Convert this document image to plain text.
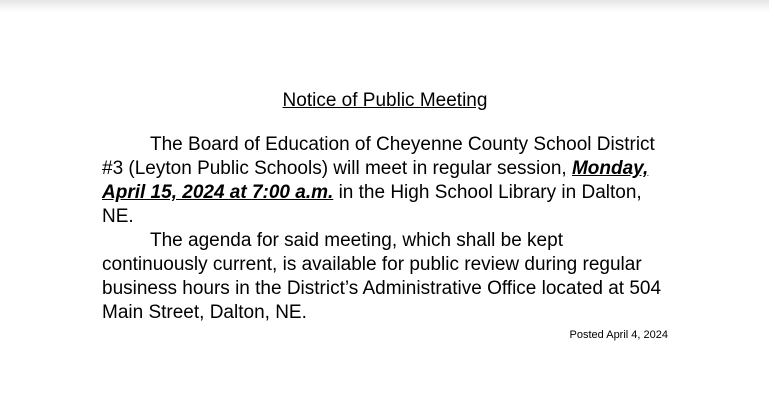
Notice of Public Meeting

The Board of Education of Cheyenne County School District #3 (Leyton Public Schools) will meet in regular session, Monday, April 15, 2024 at 7:00 a.m. in the High School Library in Dalton, NE.

The agenda for said meeting, which shall be kept continuously current, is available for public review during regular business hours in the District’s Administrative Office located at 504 Main Street, Dalton, NE.

Posted April 4, 2024
